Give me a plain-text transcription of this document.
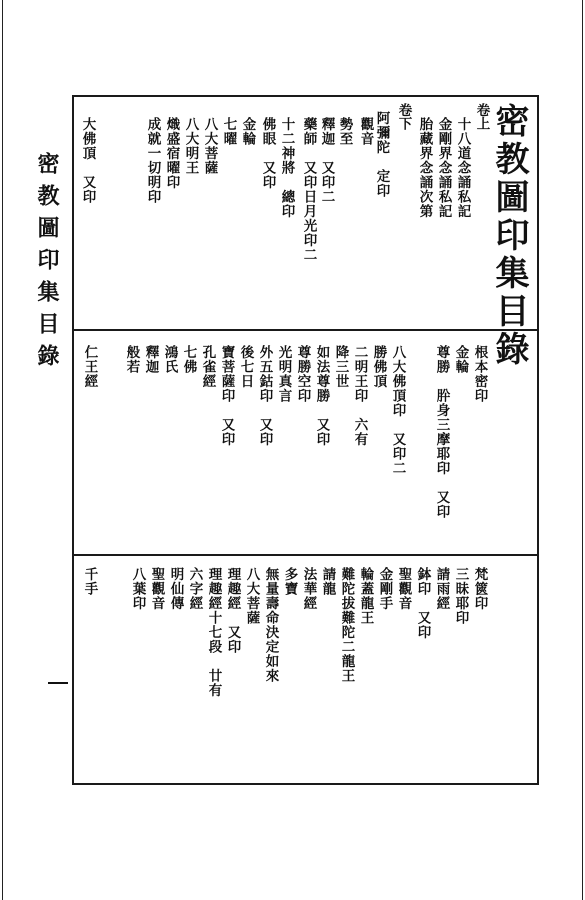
密教圖印集目錄	密教圖印集目錄
卷上
十八道念誦私記
金剛界念誦私記
胎藏界念誦次第
卷下
阿彌陀　定印
觀音
勢至
釋迦　又印二
藥師　又印日月光印二
十二神將　總印
佛眼　又印
金輪
七曜
八大菩薩
八大明王
熾盛宿曜印
成就一切明印
大佛頂　又印
根本密印
金輪
尊勝　肸身三摩耶印　又印
八大佛頂印　又印二
勝佛頂
二明王印　六有
降三世
如法尊勝　又印
尊勝空印
光明真言
外五鈷印　又印
後七日
寶菩薩印　又印
孔雀經
七佛
鴻氏
釋迦
般若
仁王經
梵篋印
三昧耶印
請雨經
鉢印　又印
聖觀音
金剛手
輪蓋龍王
難陀拔難陀二龍王
請龍
法華經
多寶
無量壽命決定如來
八大菩薩
理趣經　又印
理趣經十七段　廿有
六字經
明仙傳
聖觀音
八葉印
千手
